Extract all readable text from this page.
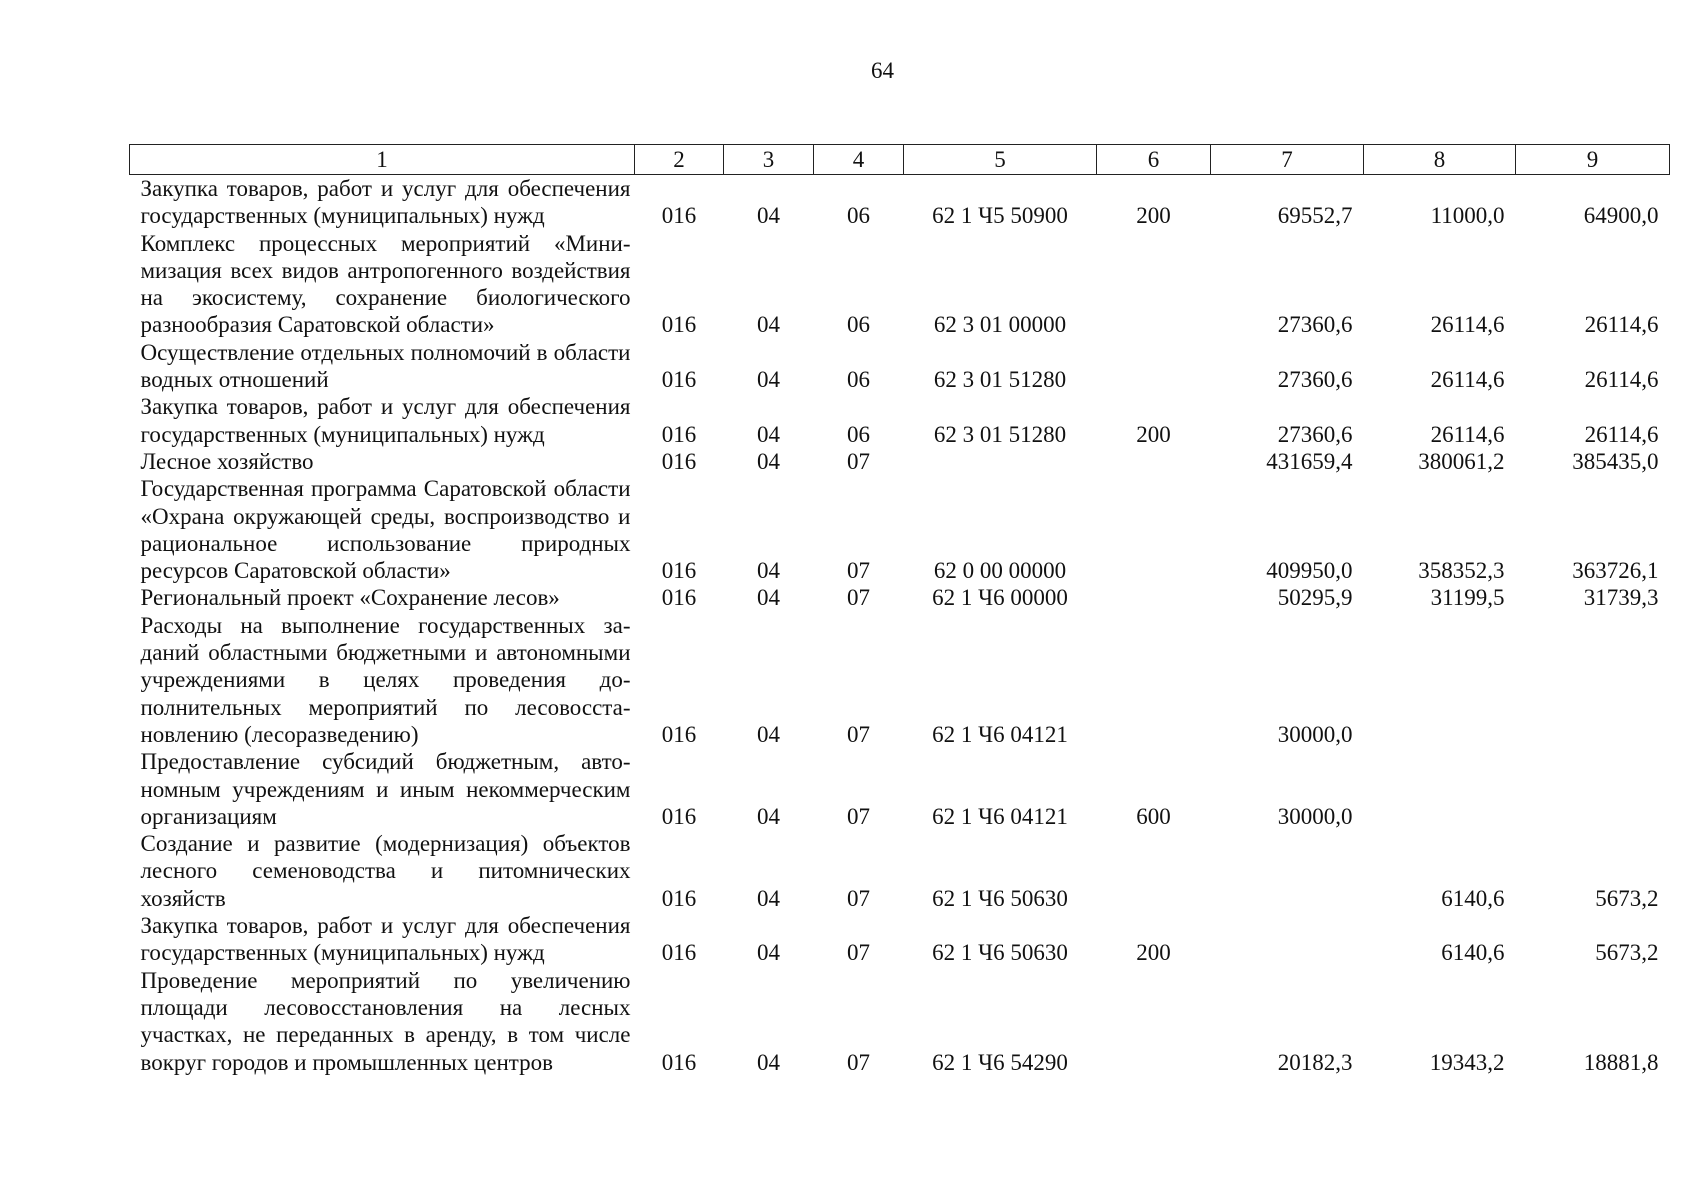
64
1	2	3	4	5	6	7	8	9
Закупка товаров, работ и услуг для обеспечения государственных (муниципальных) нужд	016	04	06	62 1 Ч5 50900	200	69552,7	11000,0	64900,0
Комплекс процессных мероприятий «Минимизация всех видов антропогенного воздействия на экосистему, сохранение биологического разнообразия Саратовской области»	016	04	06	62 3 01 00000		27360,6	26114,6	26114,6
Осуществление отдельных полномочий в области водных отношений	016	04	06	62 3 01 51280		27360,6	26114,6	26114,6
Закупка товаров, работ и услуг для обеспечения государственных (муниципальных) нужд	016	04	06	62 3 01 51280	200	27360,6	26114,6	26114,6
Лесное хозяйство	016	04	07			431659,4	380061,2	385435,0
Государственная программа Саратовской области «Охрана окружающей среды, воспроизводство и рациональное использование природных ресурсов Саратовской области»	016	04	07	62 0 00 00000		409950,0	358352,3	363726,1
Региональный проект «Сохранение лесов»	016	04	07	62 1 Ч6 00000		50295,9	31199,5	31739,3
Расходы на выполнение государственных заданий областными бюджетными и автономными учреждениями в целях проведения дополнительных мероприятий по лесовосстановлению (лесоразведению)	016	04	07	62 1 Ч6 04121		30000,0		
Предоставление субсидий бюджетным, автономным учреждениям и иным некоммерческим организациям	016	04	07	62 1 Ч6 04121	600	30000,0		
Создание и развитие (модернизация) объектов лесного семеноводства и питомнических хозяйств	016	04	07	62 1 Ч6 50630			6140,6	5673,2
Закупка товаров, работ и услуг для обеспечения государственных (муниципальных) нужд	016	04	07	62 1 Ч6 50630	200		6140,6	5673,2
Проведение мероприятий по увеличению площади лесовосстановления на лесных участках, не переданных в аренду, в том числе вокруг городов и промышленных центров	016	04	07	62 1 Ч6 54290		20182,3	19343,2	18881,8
